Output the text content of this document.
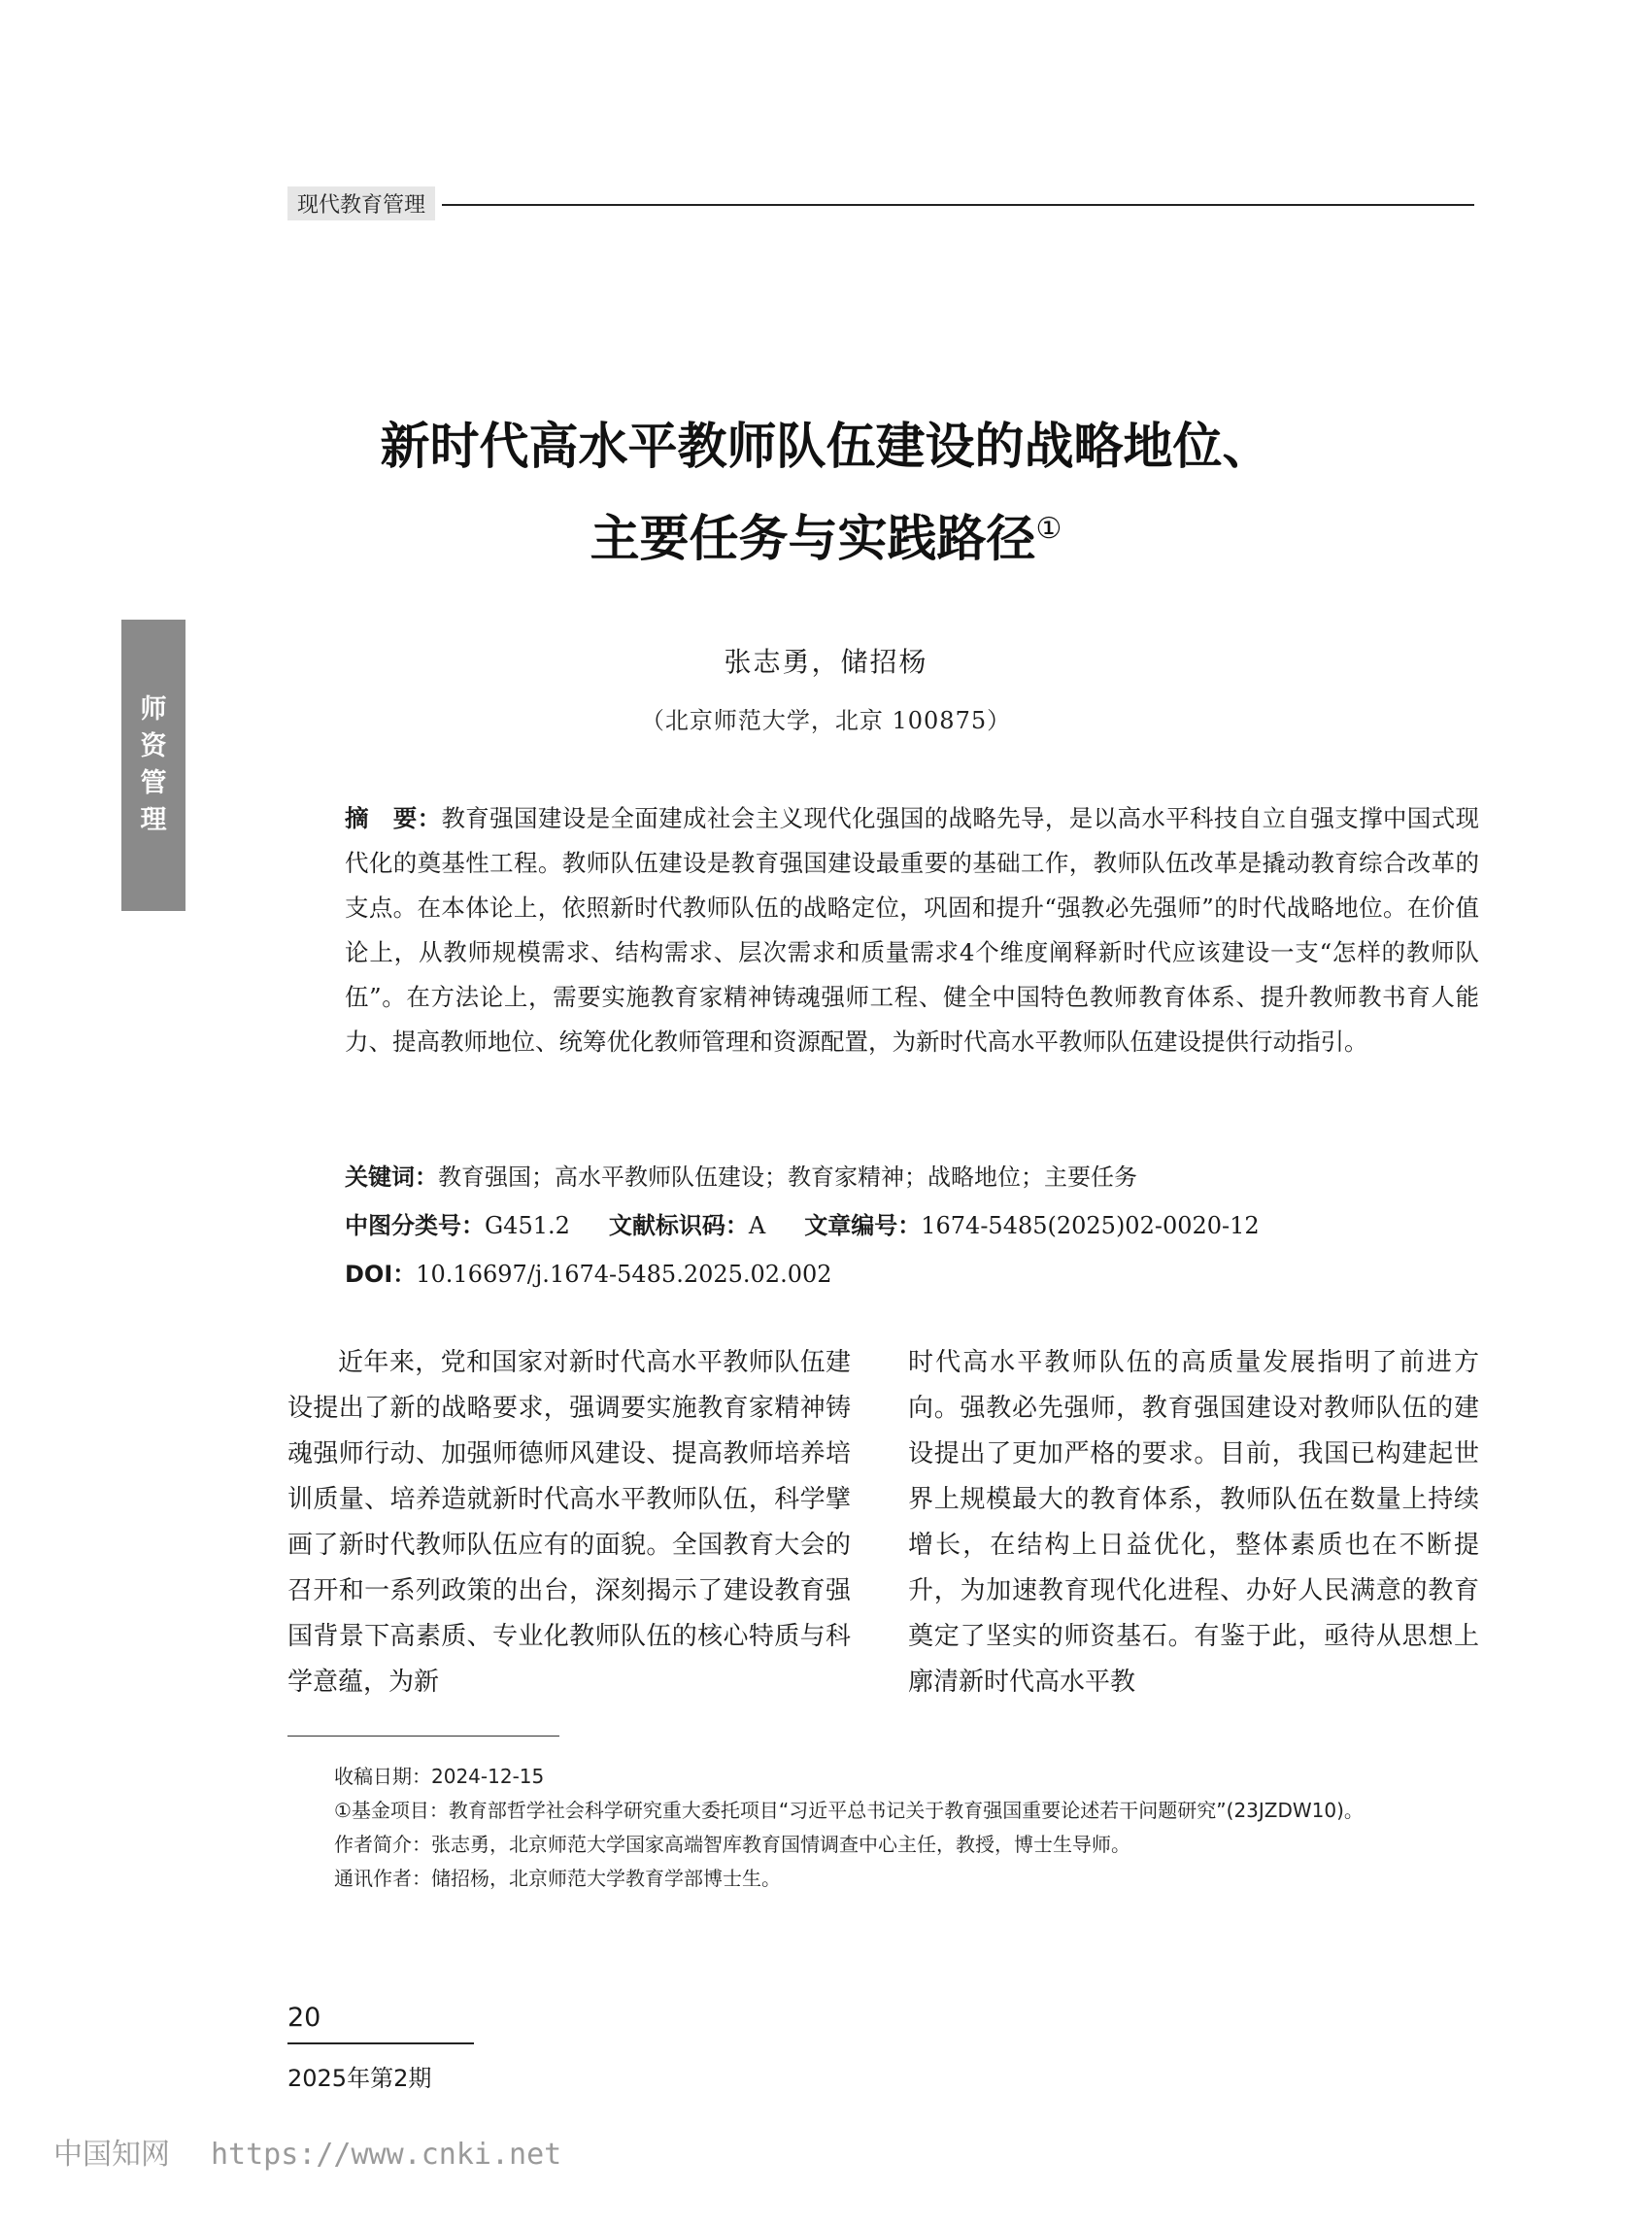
现代教育管理
师
资
管
理
新时代高水平教师队伍建设的战略地位、
主要任务与实践路径①
张志勇，储招杨
（北京师范大学，北京 100875）
摘　要：教育强国建设是全面建成社会主义现代化强国的战略先导，是以高水平科技自立自强支撑中国式现代化的奠基性工程。教师队伍建设是教育强国建设最重要的基础工作，教师队伍改革是撬动教育综合改革的支点。在本体论上，依照新时代教师队伍的战略定位，巩固和提升“强教必先强师”的时代战略地位。在价值论上，从教师规模需求、结构需求、层次需求和质量需求4个维度阐释新时代应该建设一支“怎样的教师队伍”。在方法论上，需要实施教育家精神铸魂强师工程、健全中国特色教师教育体系、提升教师教书育人能力、提高教师地位、统筹优化教师管理和资源配置，为新时代高水平教师队伍建设提供行动指引。
关键词：教育强国；高水平教师队伍建设；教育家精神；战略地位；主要任务
中图分类号：G451.2 文献标识码：A 文章编号：1674-5485(2025)02-0020-12
DOI：10.16697/j.1674-5485.2025.02.002
近年来，党和国家对新时代高水平教师队伍建设提出了新的战略要求，强调要实施教育家精神铸魂强师行动、加强师德师风建设、提高教师培养培训质量、培养造就新时代高水平教师队伍，科学擘画了新时代教师队伍应有的面貌。全国教育大会的召开和一系列政策的出台，深刻揭示了建设教育强国背景下高素质、专业化教师队伍的核心特质与科学意蕴，为新
时代高水平教师队伍的高质量发展指明了前进方向。强教必先强师，教育强国建设对教师队伍的建设提出了更加严格的要求。目前，我国已构建起世界上规模最大的教育体系，教师队伍在数量上持续增长，在结构上日益优化，整体素质也在不断提升，为加速教育现代化进程、办好人民满意的教育奠定了坚实的师资基石。有鉴于此，亟待从思想上廓清新时代高水平教

收稿日期：2024-12-15

①基金项目：教育部哲学社会科学研究重大委托项目“习近平总书记关于教育强国重要论述若干问题研究”(23JZDW10)。

作者简介：张志勇，北京师范大学国家高端智库教育国情调查中心主任，教授，博士生导师。

通讯作者：储招杨，北京师范大学教育学部博士生。

20
2025年第2期
中国知网 https://www.cnki.net
